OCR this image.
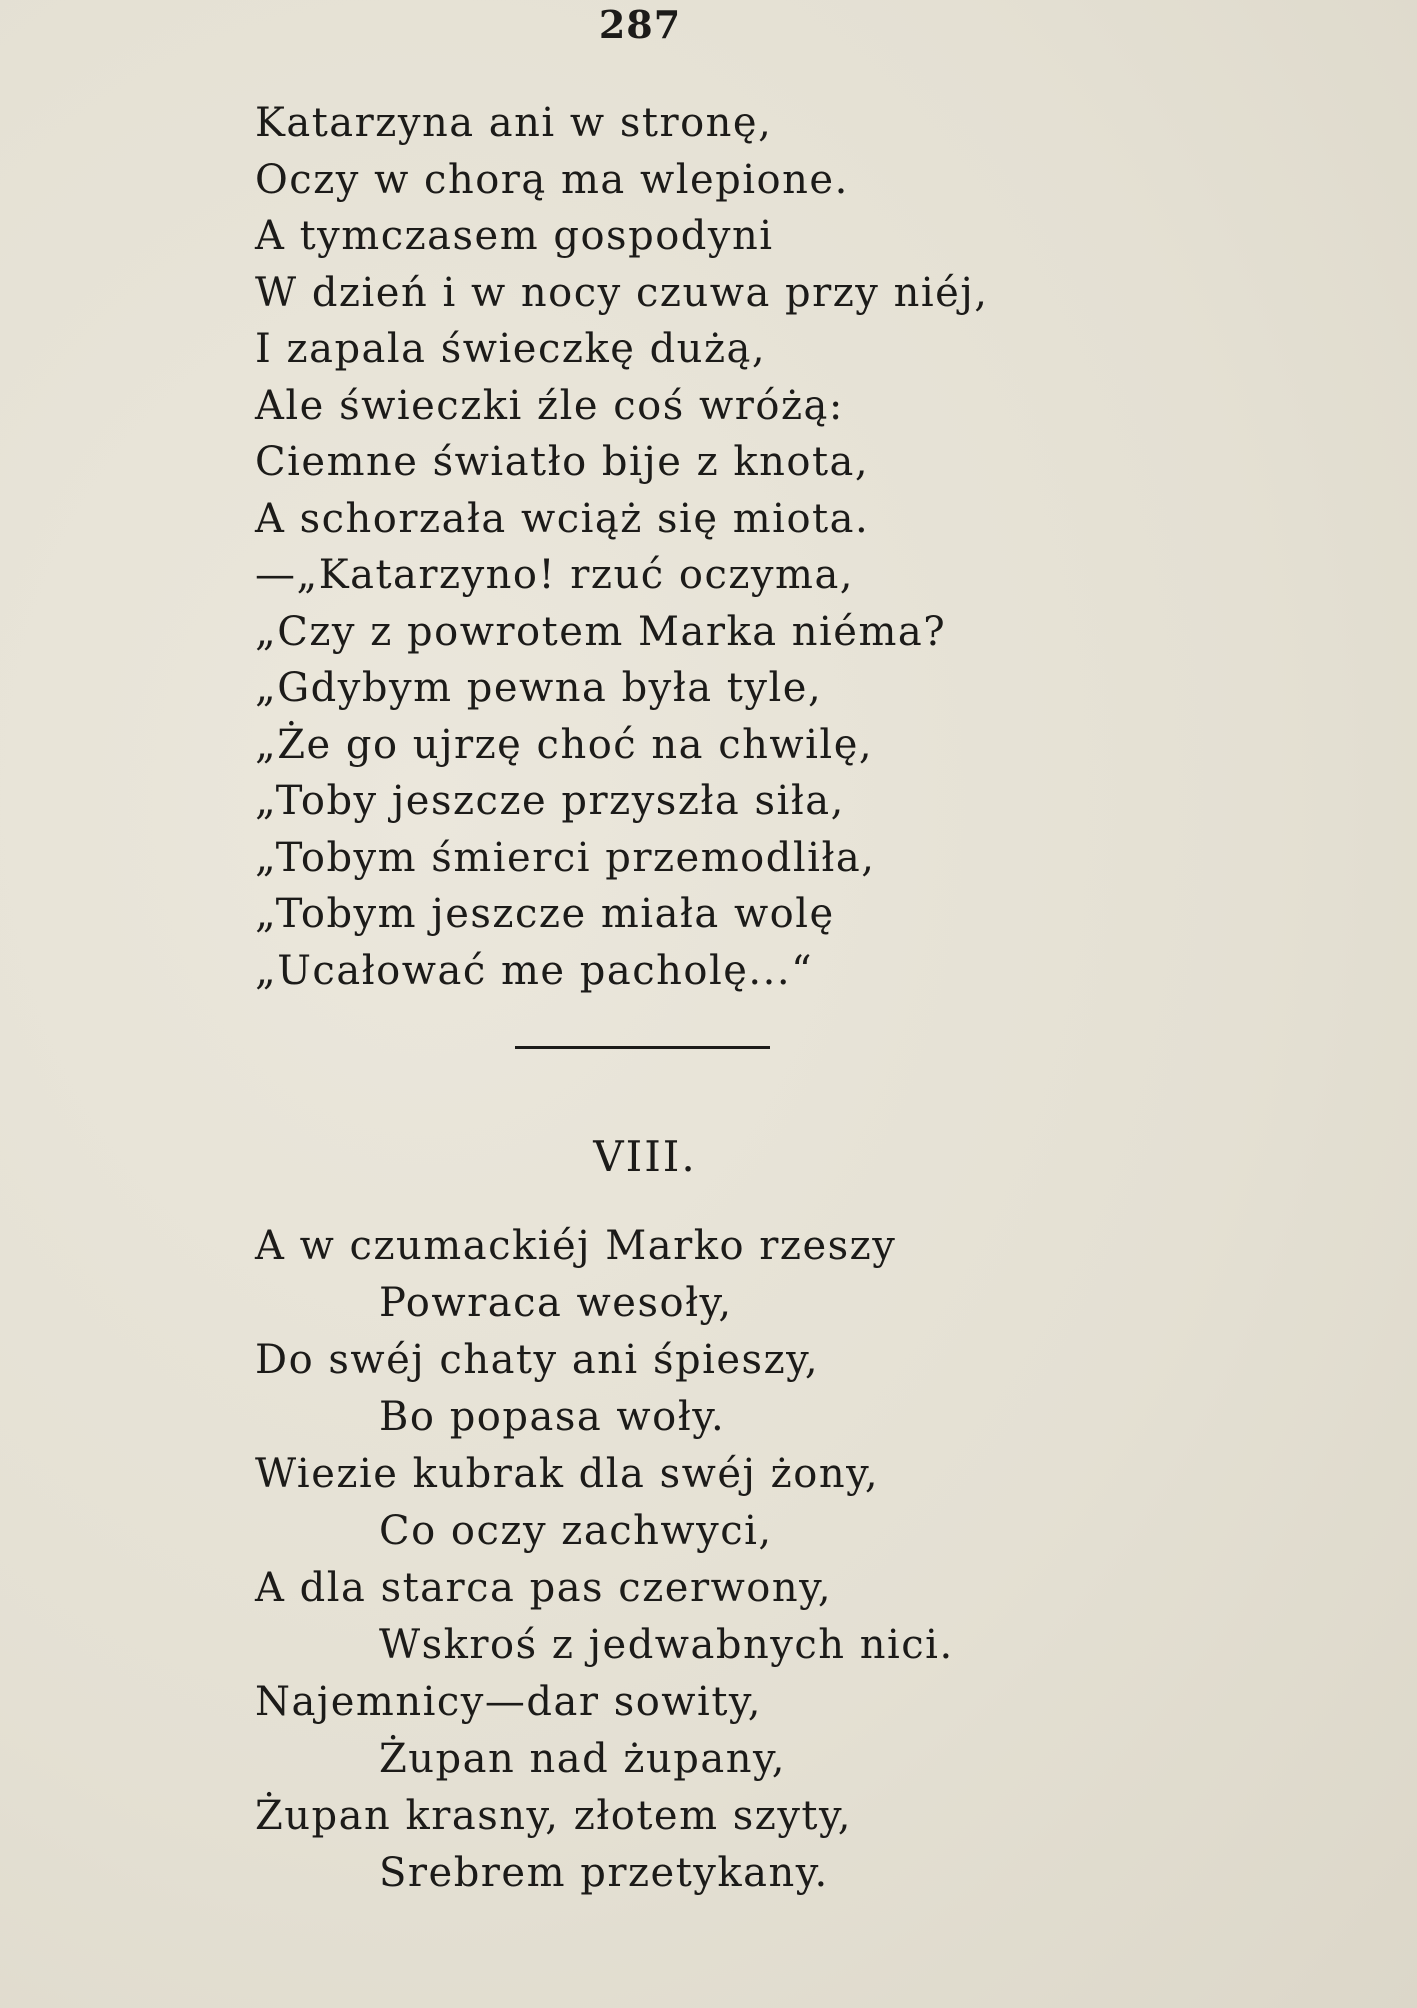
287
Katarzyna ani w stronę,
Oczy w chorą ma wlepione.
A tymczasem gospodyni
W dzień i w nocy czuwa przy niéj,
I zapala świeczkę dużą,
Ale świeczki źle coś wróżą:
Ciemne światło bije z knota,
A schorzała wciąż się miota.
—„Katarzyno! rzuć oczyma,
„Czy z powrotem Marka niéma?
„Gdybym pewna była tyle,
„Że go ujrzę choć na chwilę,
„Toby jeszcze przyszła siła,
„Tobym śmierci przemodliła,
„Tobym jeszcze miała wolę
„Ucałować me pacholę...“
VIII.
A w czumackiéj Marko rzeszy
Powraca wesoły,
Do swéj chaty ani śpieszy,
Bo popasa woły.
Wiezie kubrak dla swéj żony,
Co oczy zachwyci,
A dla starca pas czerwony,
Wskroś z jedwabnych nici.
Najemnicy—dar sowity,
Żupan nad żupany,
Żupan krasny, złotem szyty,
Srebrem przetykany.
